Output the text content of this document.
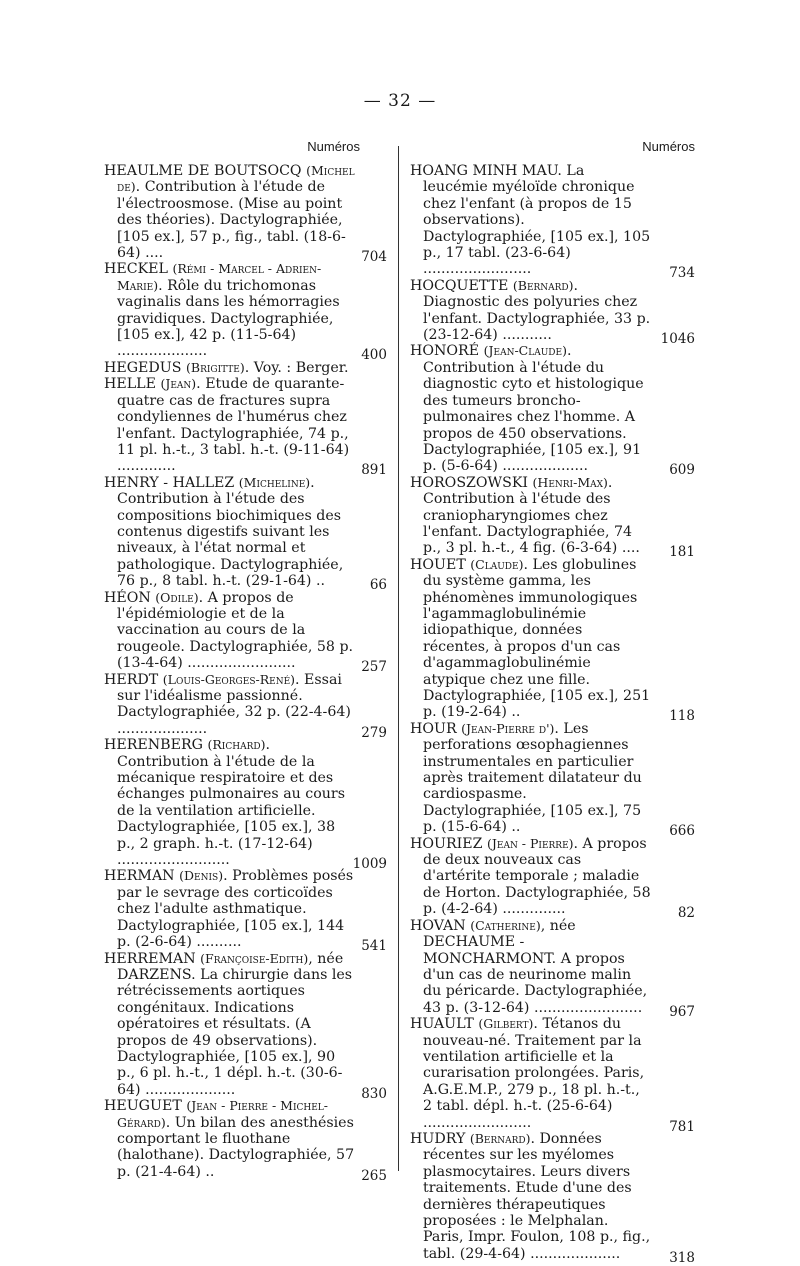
— 32 —
Numéros
HEAULME DE BOUTSOCQ (Michel de). Contribution à l'étude de l'électroosmose. (Mise au point des théories). Dactylographiée, [105 ex.], 57 p., fig., tabl. (18-6-64) ....	704
HECKEL (Rémi - Marcel - Adrien-Marie). Rôle du trichomonas vaginalis dans les hémorragies gravidiques. Dactylographiée, [105 ex.], 42 p. (11-5-64) ....................	400
HEGEDUS (Brigitte). Voy. : Berger.
HELLE (Jean). Etude de quarante-quatre cas de fractures supra condyliennes de l'humérus chez l'enfant. Dactylographiée, 74 p., 11 pl. h.-t., 3 tabl. h.-t. (9-11-64) .............	891
HENRY - HALLEZ (Micheline). Contribution à l'étude des compositions biochimiques des contenus digestifs suivant les niveaux, à l'état normal et pathologique. Dactylographiée, 76 p., 8 tabl. h.-t. (29-1-64) ..	66
HÉON (Odile). A propos de l'épidémiologie et de la vaccination au cours de la rougeole. Dactylographiée, 58 p. (13-4-64) ........................	257
HERDT (Louis-Georges-René). Essai sur l'idéalisme passionné. Dactylographiée, 32 p. (22-4-64) ....................	279
HERENBERG (Richard). Contribution à l'étude de la mécanique respiratoire et des échanges pulmonaires au cours de la ventilation artificielle. Dactylographiée, [105 ex.], 38 p., 2 graph. h.-t. (17-12-64) .........................	1009
HERMAN (Denis). Problèmes posés par le sevrage des corticoïdes chez l'adulte asthmatique. Dactylographiée, [105 ex.], 144 p. (2-6-64) ..........	541
HERREMAN (Françoise-Edith), née DARZENS. La chirurgie dans les rétrécissements aortiques congénitaux. Indications opératoires et résultats. (A propos de 49 observations). Dactylographiée, [105 ex.], 90 p., 6 pl. h.-t., 1 dépl. h.-t. (30-6-64) ....................	830
HEUGUET (Jean - Pierre - Michel-Gérard). Un bilan des anesthésies comportant le fluothane (halothane). Dactylographiée, 57 p. (21-4-64) ..	265
Numéros
HOANG MINH MAU. La leucémie myéloïde chronique chez l'enfant (à propos de 15 observations). Dactylographiée, [105 ex.], 105 p., 17 tabl. (23-6-64) ........................	734
HOCQUETTE (Bernard). Diagnostic des polyuries chez l'enfant. Dactylographiée, 33 p. (23-12-64) ...........	1046
HONORÉ (Jean-Claude). Contribution à l'étude du diagnostic cyto et histologique des tumeurs broncho-pulmonaires chez l'homme. A propos de 450 observations. Dactylographiée, [105 ex.], 91 p. (5-6-64) ...................	609
HOROSZOWSKI (Henri-Max). Contribution à l'étude des craniopharyngiomes chez l'enfant. Dactylographiée, 74 p., 3 pl. h.-t., 4 fig. (6-3-64) ....	181
HOUET (Claude). Les globulines du système gamma, les phénomènes immunologiques l'agammaglobulinémie idiopathique, données récentes, à propos d'un cas d'agammaglobulinémie atypique chez une fille. Dactylographiée, [105 ex.], 251 p. (19-2-64) ..	118
HOUR (Jean-Pierre d'). Les perforations œsophagiennes instrumentales en particulier après traitement dilatateur du cardiospasme. Dactylographiée, [105 ex.], 75 p. (15-6-64) ..	666
HOURIEZ (Jean - Pierre). A propos de deux nouveaux cas d'artérite temporale ; maladie de Horton. Dactylographiée, 58 p. (4-2-64) ..............	82
HOVAN (Catherine), née DECHAUME - MONCHARMONT. A propos d'un cas de neurinome malin du péricarde. Dactylographiée, 43 p. (3-12-64) ........................	967
HUAULT (Gilbert). Tétanos du nouveau-né. Traitement par la ventilation artificielle et la curarisation prolongées. Paris, A.G.E.M.P., 279 p., 18 pl. h.-t., 2 tabl. dépl. h.-t. (25-6-64) ........................	781
HUDRY (Bernard). Données récentes sur les myélomes plasmocytaires. Leurs divers traitements. Etude d'une des dernières thérapeutiques proposées : le Melphalan. Paris, Impr. Foulon, 108 p., fig., tabl. (29-4-64) ....................	318
